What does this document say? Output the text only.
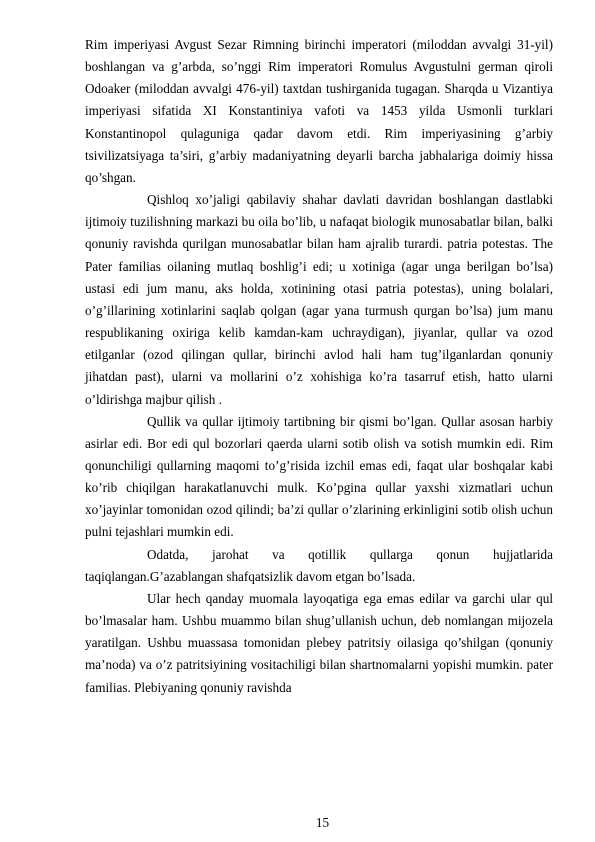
Rim imperiyasi Avgust Sezar Rimning birinchi imperatori (miloddan avvalgi 31-yil) boshlangan va g’arbda, so’nggi Rim imperatori Romulus Avgustulni german qiroli Odoaker (miloddan avvalgi 476-yil) taxtdan tushirganida tugagan. Sharqda u Vizantiya imperiyasi sifatida XI Konstantiniya vafoti va 1453 yilda Usmonli turklari Konstantinopol qulaguniga qadar davom etdi. Rim imperiyasining g’arbiy tsivilizatsiyaga ta’siri, g’arbiy madaniyatning deyarli barcha jabhalariga doimiy hissa qo’shgan.

Qishloq xo’jaligi qabilaviy shahar davlati davridan boshlangan dastlabki ijtimoiy tuzilishning markazi bu oila bo’lib, u nafaqat biologik munosabatlar bilan, balki qonuniy ravishda qurilgan munosabatlar bilan ham ajralib turardi. patria potestas. The Pater familias oilaning mutlaq boshlig’i edi; u xotiniga (agar unga berilgan bo’lsa) ustasi edi jum manu, aks holda, xotinining otasi patria potestas), uning bolalari, o’g’illarining xotinlarini saqlab qolgan (agar yana turmush qurgan bo’lsa) jum manu respublikaning oxiriga kelib kamdan-kam uchraydigan), jiyanlar, qullar va ozod etilganlar (ozod qilingan qullar, birinchi avlod hali ham tug’ilganlardan qonuniy jihatdan past), ularni va mollarini o’z xohishiga ko’ra tasarruf etish, hatto ularni o’ldirishga majbur qilish .

Qullik va qullar ijtimoiy tartibning bir qismi bo’lgan. Qullar asosan harbiy asirlar edi. Bor edi qul bozorlari qaerda ularni sotib olish va sotish mumkin edi. Rim qonunchiligi qullarning maqomi to’g’risida izchil emas edi, faqat ular boshqalar kabi ko’rib chiqilgan harakatlanuvchi mulk. Ko’pgina qullar yaxshi xizmatlari uchun xo’jayinlar tomonidan ozod qilindi; ba’zi qullar o’zlarining erkinligini sotib olish uchun pulni tejashlari mumkin edi.

Odatda, jarohat va qotillik qullarga qonun hujjatlarida taqiqlangan.G’azablangan shafqatsizlik davom etgan bo’lsada.

Ular hech qanday muomala layoqatiga ega emas edilar va garchi ular qul bo’lmasalar ham. Ushbu muammo bilan shug’ullanish uchun, deb nomlangan mijozela yaratilgan. Ushbu muassasa tomonidan plebey patritsiy oilasiga qo’shilgan (qonuniy ma’noda) va o’z patritsiyining vositachiligi bilan shartnomalarni yopishi mumkin. pater familias. Plebiyaning qonuniy ravishda

15
